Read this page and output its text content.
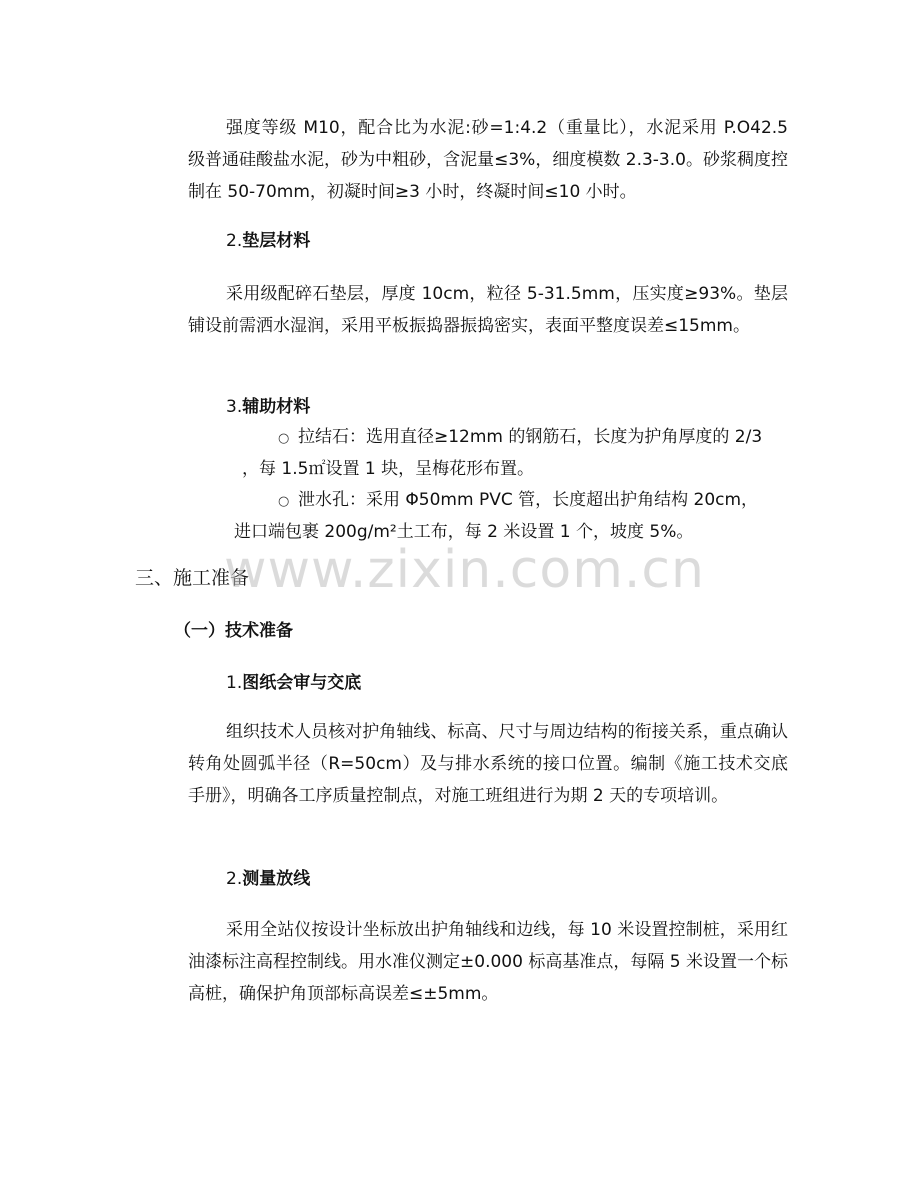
强度等级 M10，配合比为水泥:砂=1:4.2（重量比），水泥采用 P.O42.5 级普通硅酸盐水泥，砂为中粗砂，含泥量≤3%，细度模数 2.3-3.0。砂浆稠度控制在 50-70mm，初凝时间≥3 小时，终凝时间≤10 小时。

2.垫层材料

采用级配碎石垫层，厚度 10cm，粒径 5-31.5mm，压实度≥93%。垫层铺设前需洒水湿润，采用平板振捣器振捣密实，表面平整度误差≤15mm。

3.辅助材料

○ 拉结石：选用直径≥12mm 的钢筋石，长度为护角厚度的 2/3

，每 1.5㎡设置 1 块，呈梅花形布置。

○ 泄水孔：采用 Φ50mm PVC 管，长度超出护角结构 20cm，

进口端包裹 200g/m²土工布，每 2 米设置 1 个，坡度 5%。

三、施工准备

（一）技术准备

1.图纸会审与交底

组织技术人员核对护角轴线、标高、尺寸与周边结构的衔接关系，重点确认转角处圆弧半径（R=50cm）及与排水系统的接口位置。编制《施工技术交底手册》，明确各工序质量控制点，对施工班组进行为期 2 天的专项培训。

2.测量放线

采用全站仪按设计坐标放出护角轴线和边线，每 10 米设置控制桩，采用红油漆标注高程控制线。用水准仪测定±0.000 标高基准点，每隔 5 米设置一个标高桩，确保护角顶部标高误差≤±5mm。

www.zixin.com.cn
